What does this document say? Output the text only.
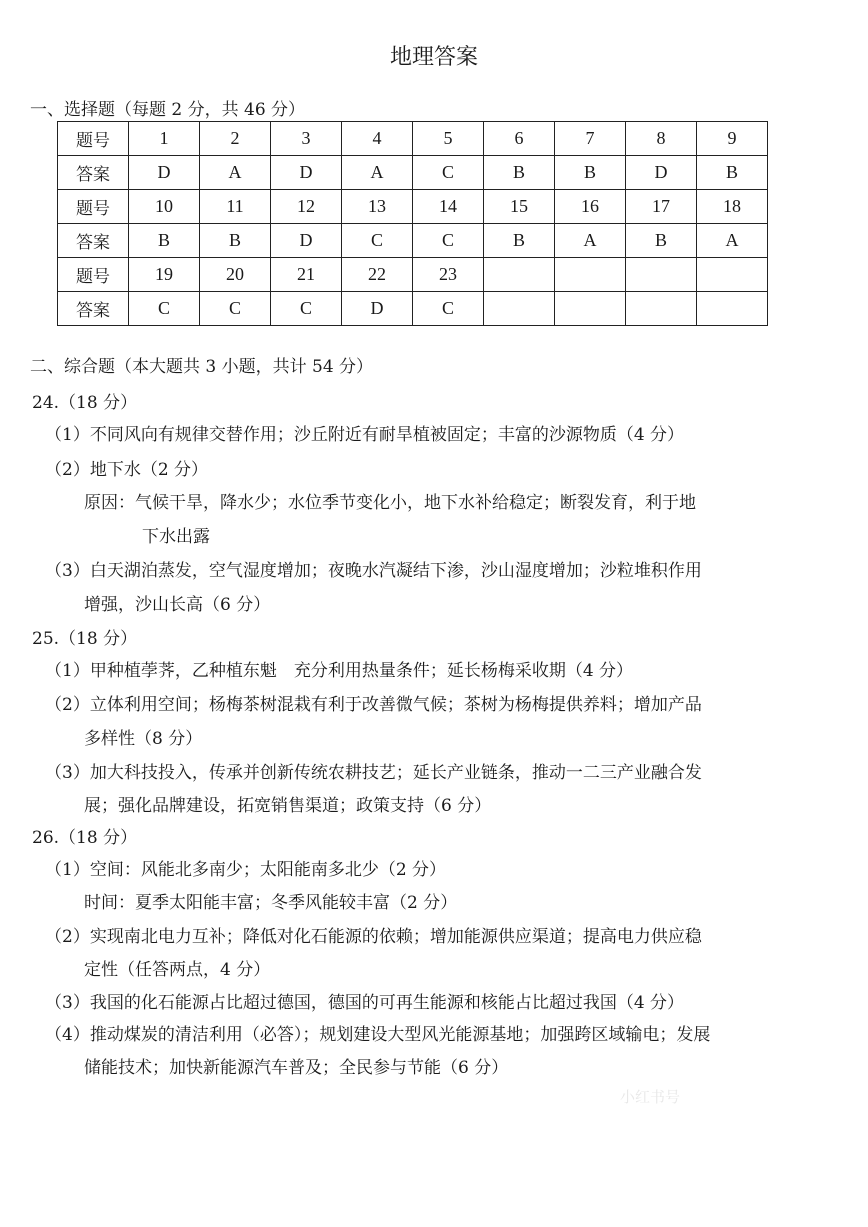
地理答案
一、选择题（每题 2 分，共 46 分）
题号	1	2	3	4	5	6	7	8	9
答案	D	A	D	A	C	B	B	D	B
题号	10	11	12	13	14	15	16	17	18
答案	B	B	D	C	C	B	A	B	A
题号	19	20	21	22	23				
答案	C	C	C	D	C				
二、综合题（本大题共 3 小题，共计 54 分）
24.（18 分）
（1）不同风向有规律交替作用；沙丘附近有耐旱植被固定；丰富的沙源物质（4 分）
（2）地下水（2 分）
原因：气候干旱，降水少；水位季节变化小，地下水补给稳定；断裂发育，利于地
下水出露
（3）白天湖泊蒸发，空气湿度增加；夜晚水汽凝结下渗，沙山湿度增加；沙粒堆积作用
增强，沙山长高（6 分）
25.（18 分）
（1）甲种植荸荠，乙种植东魁　充分利用热量条件；延长杨梅采收期（4 分）
（2）立体利用空间；杨梅茶树混栽有利于改善微气候；茶树为杨梅提供养料；增加产品
多样性（8 分）
（3）加大科技投入，传承并创新传统农耕技艺；延长产业链条，推动一二三产业融合发
展；强化品牌建设，拓宽销售渠道；政策支持（6 分）
26.（18 分）
（1）空间：风能北多南少；太阳能南多北少（2 分）
时间：夏季太阳能丰富；冬季风能较丰富（2 分）
（2）实现南北电力互补；降低对化石能源的依赖；增加能源供应渠道；提高电力供应稳
定性（任答两点，4 分）
（3）我国的化石能源占比超过德国，德国的可再生能源和核能占比超过我国（4 分）
（4）推动煤炭的清洁利用（必答）；规划建设大型风光能源基地；加强跨区域输电；发展
储能技术；加快新能源汽车普及；全民参与节能（6 分）
小红书号
